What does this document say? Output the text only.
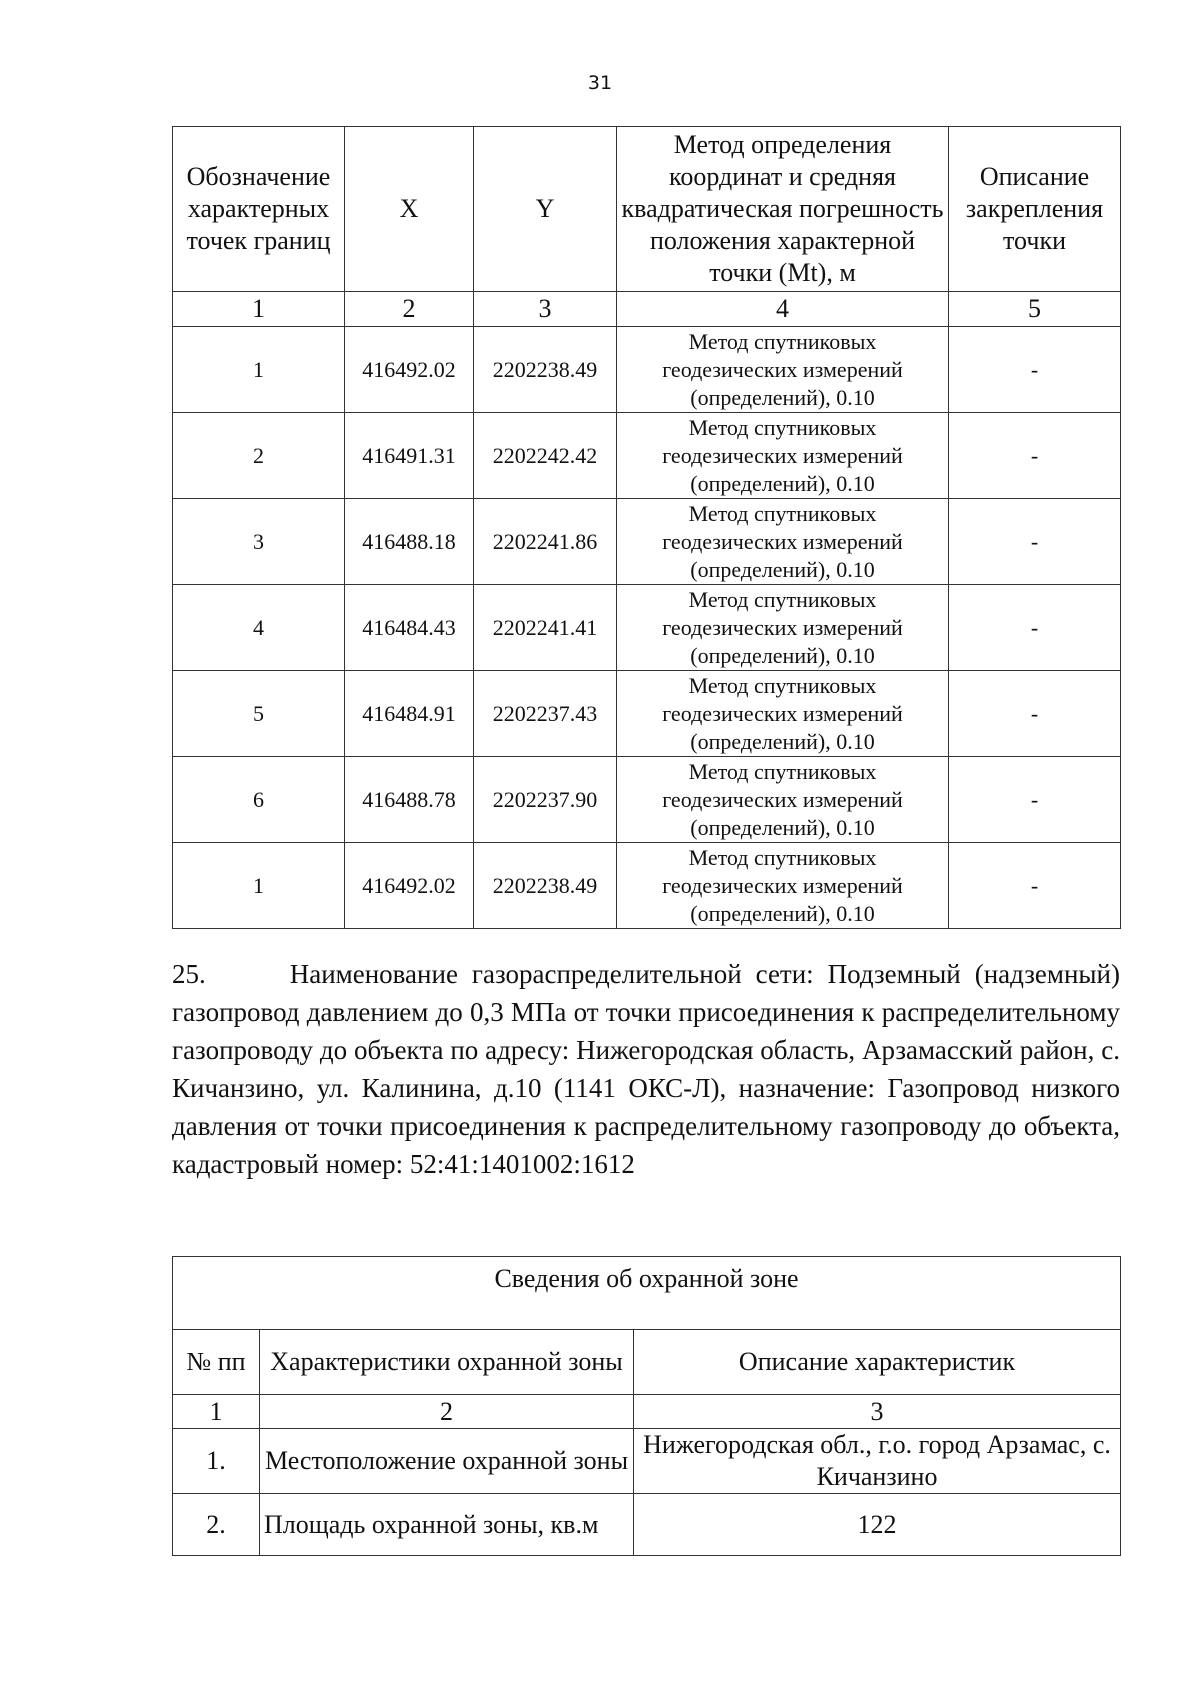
31
Обозначение характерных точек границ	X	Y	Метод определения координат и средняя квадратическая погрешность положения характерной точки (Mt), м	Описание закрепления точки
1	2	3	4	5
1	416492.02	2202238.49	Метод спутниковых геодезических измерений (определений), 0.10	-
2	416491.31	2202242.42	Метод спутниковых геодезических измерений (определений), 0.10	-
3	416488.18	2202241.86	Метод спутниковых геодезических измерений (определений), 0.10	-
4	416484.43	2202241.41	Метод спутниковых геодезических измерений (определений), 0.10	-
5	416484.91	2202237.43	Метод спутниковых геодезических измерений (определений), 0.10	-
6	416488.78	2202237.90	Метод спутниковых геодезических измерений (определений), 0.10	-
1	416492.02	2202238.49	Метод спутниковых геодезических измерений (определений), 0.10	-

25.      Наименование газораспределительной сети: Подземный (надземный) газопровод давлением до 0,3 МПа от точки присоединения к распределительному газопроводу до объекта по адресу: Нижегородская область, Арзамасский район, с. Кичанзино, ул. Калинина, д.10 (1141 ОКС-Л), назначение: Газопровод низкого давления от точки присоединения к распределительному газопроводу до объекта, кадастровый номер: 52:41:1401002:1612

Сведения об охранной зоне		
№ пп	Характеристики охранной зоны	Описание характеристик
1	2	3
1.	Местоположение охранной зоны	Нижегородская обл., г.о. город Арзамас, с. Кичанзино
2.	Площадь охранной зоны, кв.м	122
